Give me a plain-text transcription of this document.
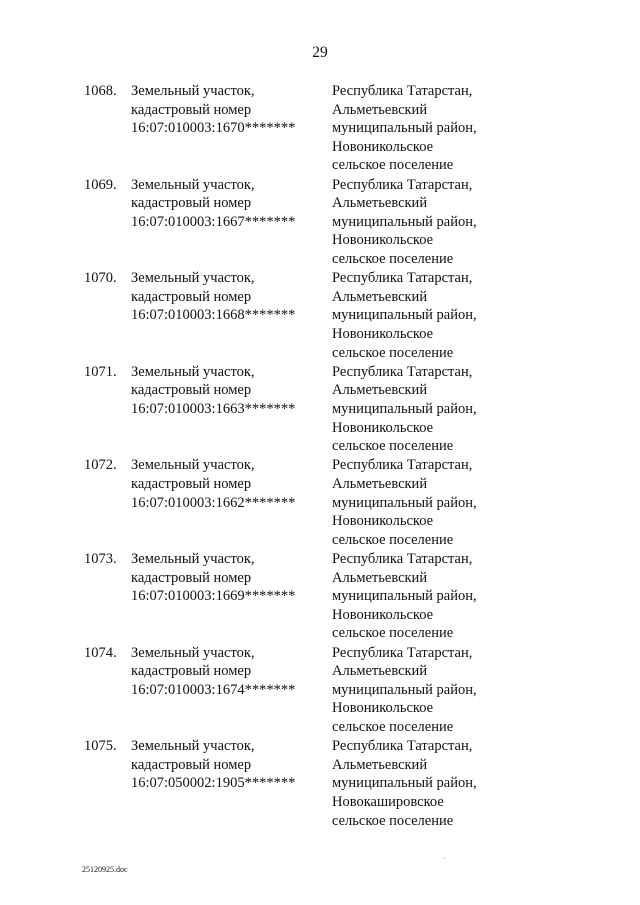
29
1068. Земельный участок,
кадастровый номер
16:07:010003:1670*******
Республика Татарстан,
Альметьевский
муниципальный район,
Новоникольское
сельское поселение
1069. Земельный участок,
кадастровый номер
16:07:010003:1667*******
Республика Татарстан,
Альметьевский
муниципальный район,
Новоникольское
сельское поселение
1070. Земельный участок,
кадастровый номер
16:07:010003:1668*******
Республика Татарстан,
Альметьевский
муниципальный район,
Новоникольское
сельское поселение
1071. Земельный участок,
кадастровый номер
16:07:010003:1663*******
Республика Татарстан,
Альметьевский
муниципальный район,
Новоникольское
сельское поселение
1072. Земельный участок,
кадастровый номер
16:07:010003:1662*******
Республика Татарстан,
Альметьевский
муниципальный район,
Новоникольское
сельское поселение
1073. Земельный участок,
кадастровый номер
16:07:010003:1669*******
Республика Татарстан,
Альметьевский
муниципальный район,
Новоникольское
сельское поселение
1074. Земельный участок,
кадастровый номер
16:07:010003:1674*******
Республика Татарстан,
Альметьевский
муниципальный район,
Новоникольское
сельское поселение
1075. Земельный участок,
кадастровый номер
16:07:050002:1905*******
Республика Татарстан,
Альметьевский
муниципальный район,
Новокашировское
сельское поселение
25120925.doc
